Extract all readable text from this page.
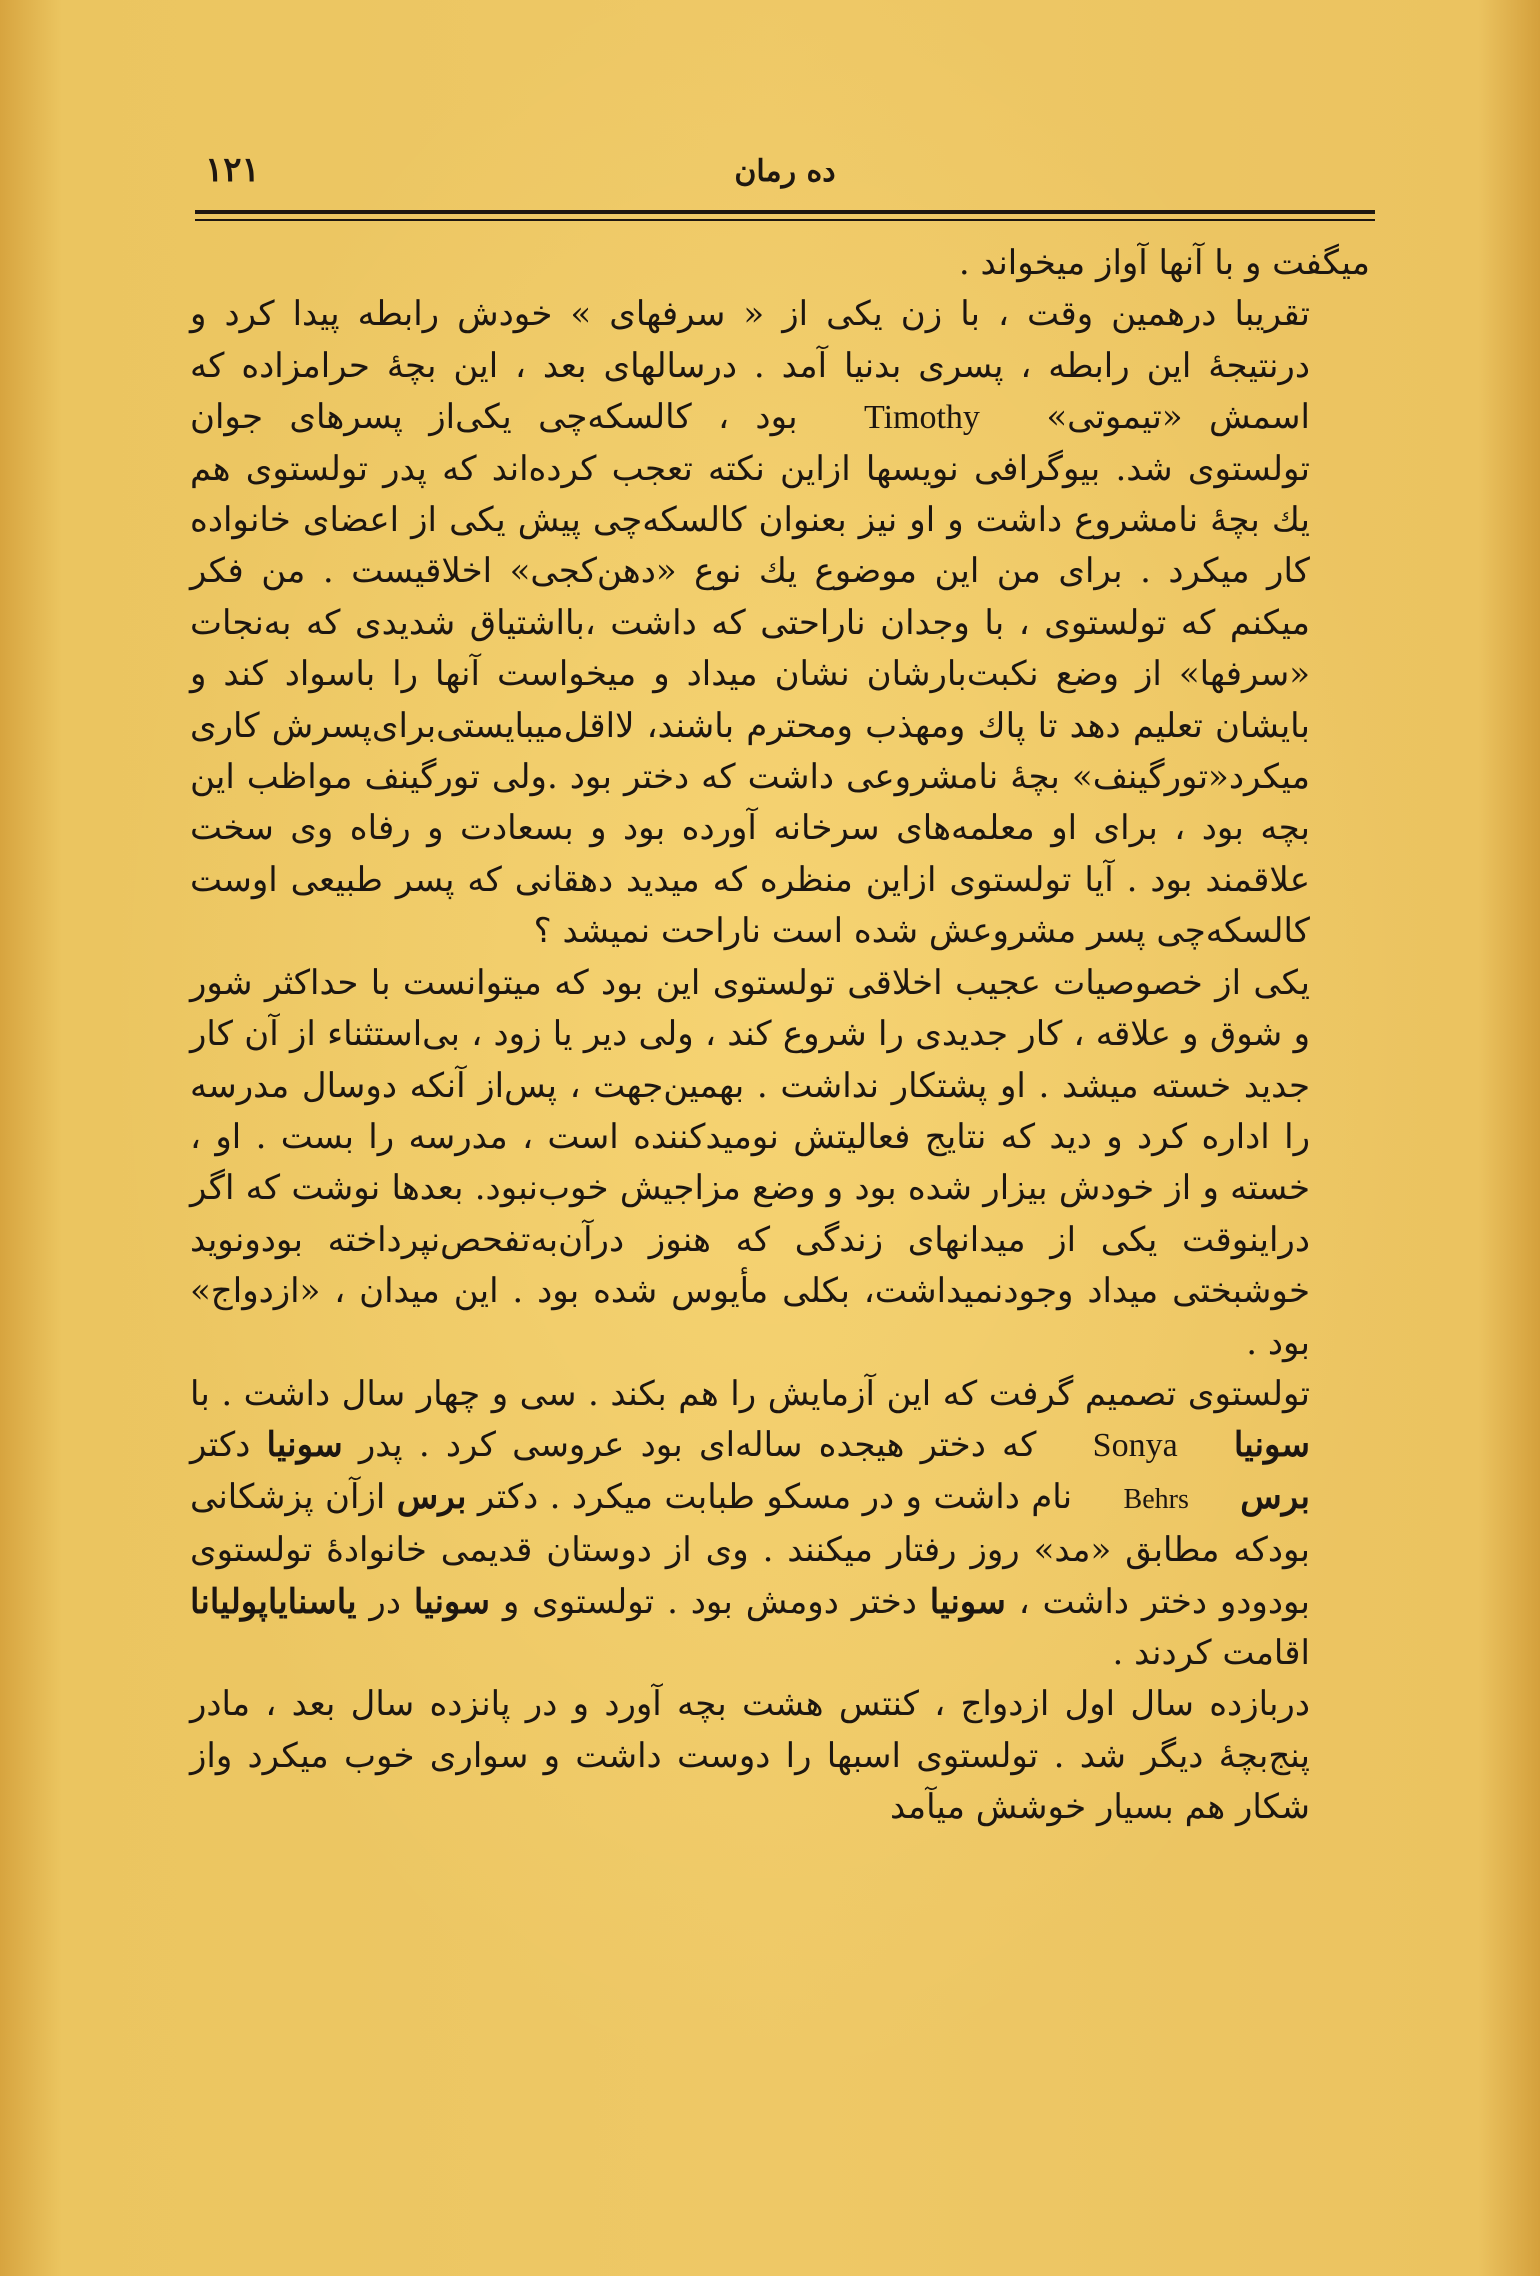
۱۲۱	ده رمان

میگفت و با آنها آواز میخواند .

تقریبا درهمین وقت ، با زن یکی از « سرفهای » خودش رابطه پیدا کرد و درنتیجهٔ این رابطه ، پسری بدنیا آمد . درسالهای بعد ، این بچهٔ حرامزاده که اسمش «تیموتی» Timothy بود ، کالسکه‌چی یکی‌از پسرهای جوان تولستوی شد. بیوگرافی نویسها ازاین نکته تعجب کرده‌اند که پدر تولستوی هم یك بچهٔ نامشروع داشت و او نیز بعنوان کالسکه‌چی پیش یکی از اعضای خانواده کار میکرد . برای من این موضوع یك نوع «دهن‌کجی» اخلاقیست . من فکر میکنم که تولستوی ، با وجدان ناراحتی که داشت ،بااشتیاق شدیدی که به‌نجات «سرفها» از وضع نکبت‌بارشان نشان میداد و میخواست آنها را باسواد کند و بایشان تعلیم دهد تا پاك ومهذب ومحترم باشند، لااقل‌میبایستی‌برای‌پسرش کاری میکرد«تورگینف» بچهٔ نامشروعی داشت که دختر بود .ولی تورگینف مواظب این بچه بود ، برای او معلمه‌های سرخانه آورده بود و بسعادت و رفاه وی سخت علاقمند بود . آیا تولستوی ازاین منظره که میدید دهقانی که پسر طبیعی اوست کالسکه‌چی پسر مشروعش شده است ناراحت نمیشد ؟

یکی از خصوصیات عجیب اخلاقی تولستوی این بود که میتوانست با حداکثر شور و شوق و علاقه ، کار جدیدی را شروع کند ، ولی دیر یا زود ، بی‌استثناء از آن کار جدید خسته میشد . او پشتکار نداشت . بهمین‌جهت ، پس‌از آنکه دوسال مدرسه را اداره کرد و دید که نتایج فعالیتش نومیدکننده است ، مدرسه را بست . او ، خسته و از خودش بیزار شده بود و وضع مزاجیش خوب‌نبود. بعدها نوشت که اگر دراینوقت یکی از میدانهای زندگی که هنوز درآن‌به‌تفحص‌نپرداخته بودونوید خوشبختی میداد وجودنمیداشت، بکلی مأیوس شده بود . این میدان ، «ازدواج» بود .

تولستوی تصمیم گرفت که این آزمایش را هم بکند . سی و چهار سال داشت . با سونیا Sonya که دختر هیجده ساله‌ای بود عروسی کرد . پدر سونیا دکتر برس Behrs نام داشت و در مسکو طبابت میکرد . دکتر برس ازآن پزشکانی بودکه مطابق «مد» روز رفتار میکنند . وی از دوستان قدیمی خانوادهٔ تولستوی بودودو دختر داشت ، سونیا دختر دومش بود . تولستوی و سونیا در یاسنایاپولیانا اقامت کردند .

دربازده سال اول ازدواج ، کنتس هشت بچه آورد و در پانزده سال بعد ، مادر پنج‌بچهٔ دیگر شد . تولستوی اسبها را دوست داشت و سواری خوب میکرد واز شکار هم بسیار خوشش میآمد
